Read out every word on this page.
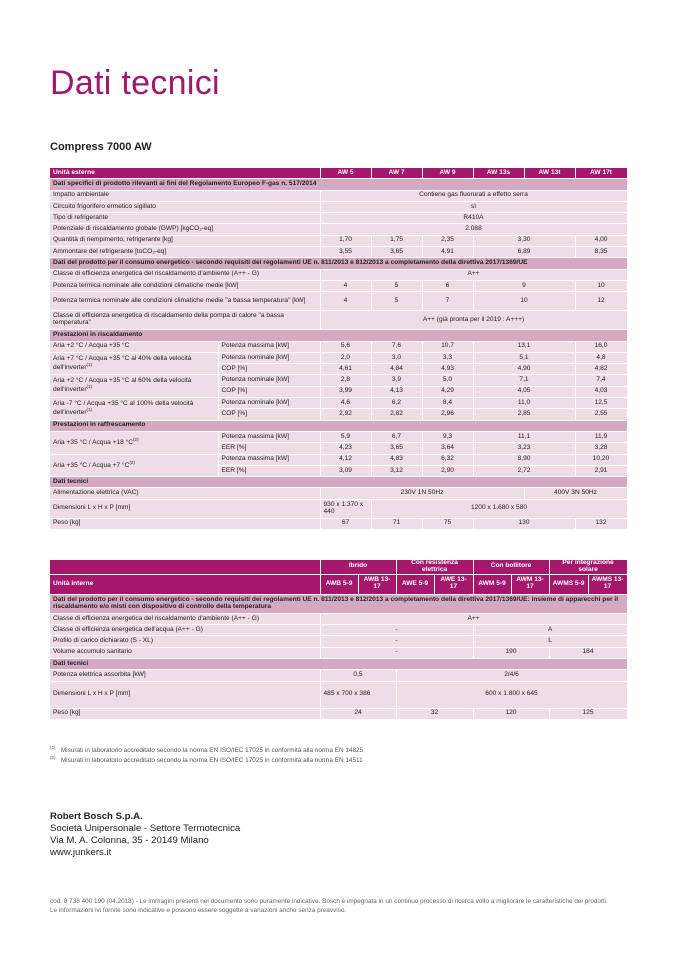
Dati tecnici
Compress 7000 AW
Unità esterne		AW 5	AW 7	AW 9	AW 13s	AW 13t	AW 17t
Dati specifici di prodotto rilevanti ai fini del Regolamento Europeo F-gas n. 517/2014							
Impatto ambientale		Contiene gas fluorurati a effetto serra					
Circuito frigorifero ermetico sigillato		sì					
Tipo di refrigerante		R410A					
Potenziale di riscaldamento globale (GWP) [kgCO₂-eq]		2.088					
Quantità di riempimento, refrigerante [kg]		1,70	1,75	2,35	3,30		4,00
Ammontare del refrigerante [toCO₂-eq]		3,55	3,65	4,91	6,89		8,35
Dati del prodotto per il consumo energetico - secondo requisiti dei regolamenti UE n. 811/2013 e 812/2013 a completamento della direttiva 2017/1369/UE							
Classe di efficienza energetica del riscaldamento d'ambiente (A++ - G)		A++					
Potenza termica nominale alle condizioni climatiche medie [kW]		4	5	6	9		10
Potenza termica nominale alle condizioni climatiche medie "a bassa temperatura" [kW]		4	5	7	10		12
Classe di efficienza energetica di riscaldamento della pompa di calore "a bassa temperatura"		A++ (già pronta per il 2019 : A+++)					
Prestazioni in riscaldamento							
Aria +2 °C / Acqua +35 °C	Potenza massima [kW]	5,6	7,6	10,7	13,1		16,0
Aria +7 °C / Acqua +35 °C al 40% della velocità dell'inverter$^{(1)}$	Potenza nominale [kW]	2,0	3,0	3,3	5,1		4,8
	COP [%]	4,61	4,84	4,93	4,90		4,82
Aria +2 °C / Acqua +35 °C al 60% della velocità dell'inverter$^{(1)}$	Potenza nominale [kW]	2,8	3,9	5,0	7,1		7,4
	COP [%]	3,99	4,13	4,29	4,05		4,03
Aria -7 °C / Acqua +35 °C al 100% della velocità dell'inverter$^{(1)}$	Potenza nominale [kW]	4,6	6,2	8,4	11,0		12,5
	COP [%]	2,92	2,82	2,96	2,85		2,55
Prestazioni in raffrescamento							
Aria +35 °C / Acqua +18 $^\circ C^{(2)}$	Potenza massima [kW]	5,9	6,7	9,3	11,1		11,9
	EER [%]	4,23	3,65	3,64	3,23		3,28
Aria +35 °C / Acqua +7 $^\circ C^{(2)}$	Potenza massima [kW]	4,12	4,83	6,32	8,90		10,20
	EER [%]	3,09	3,12	2,90	2,72		2,91
Dati tecnici							
Alimentazione elettrica (VAC)		230V 1N 50Hz				400V 3N 50Hz	
Dimensioni L x H x P [mm]		930 x 1.370 x 440	1200 x 1.680 x 580				
Peso [kg]		67	71	75	130		132
	Ibrido		Con resistenza elettrica		Con bollitore		Per integrazione solare	
Unità interne	AWB 5-9	AWB 13-17	AWE 5-9	AWE 13-17	AWM 5-9	AWM 13-17	AWMS 5-9	AWMS 13-17
Dati del prodotto per il consumo energetico - secondo requisiti dei regolamenti UE n. 811/2013 e 812/2013 a completamento della direttiva 2017/1369/UE: insieme di apparecchi per il riscaldamento e/o misti con dispositivo di controllo della temperatura								
Classe di efficienza energetica del riscaldamento d'ambiente (A++ - G)	A++							
Classe di efficienza energetica dell'acqua (A++ - G)	-				A			
Profilo di carico dichiarato (S - XL)	-				L			
Volume accumulo sanitario	-				190		184	
Dati tecnici								
Potenza elettrica assorbita [kW]	0,5		2/4/6					
Dimensioni L x H x P [mm]	485 x 700 x 386		600 x 1.800 x 645					
Peso [kg]	24		32		120		125	
$^{(1)}$ Misurati in laboratorio accreditato secondo la norma EN ISO/IEC 17025 in conformità alla norma EN 14825
$^{(2)}$ Misurati in laboratorio accreditato secondo la norma EN ISO/IEC 17025 in conformità alla norma EN 14511
Robert Bosch S.p.A.
Società Unipersonale - Settore Termotecnica
Via M. A. Colonna, 35 - 20149 Milano
www.junkers.it
cod. 8 738 400 190 (04.2018) - Le immagini presenti nel documento sono puramente indicative. Bosch è impegnata in un continuo processo di ricerca volto a migliorare le caratteristiche dei prodotti. Le informazioni ivi fornite sono indicative e possono essere soggette a variazioni anche senza preavviso.
